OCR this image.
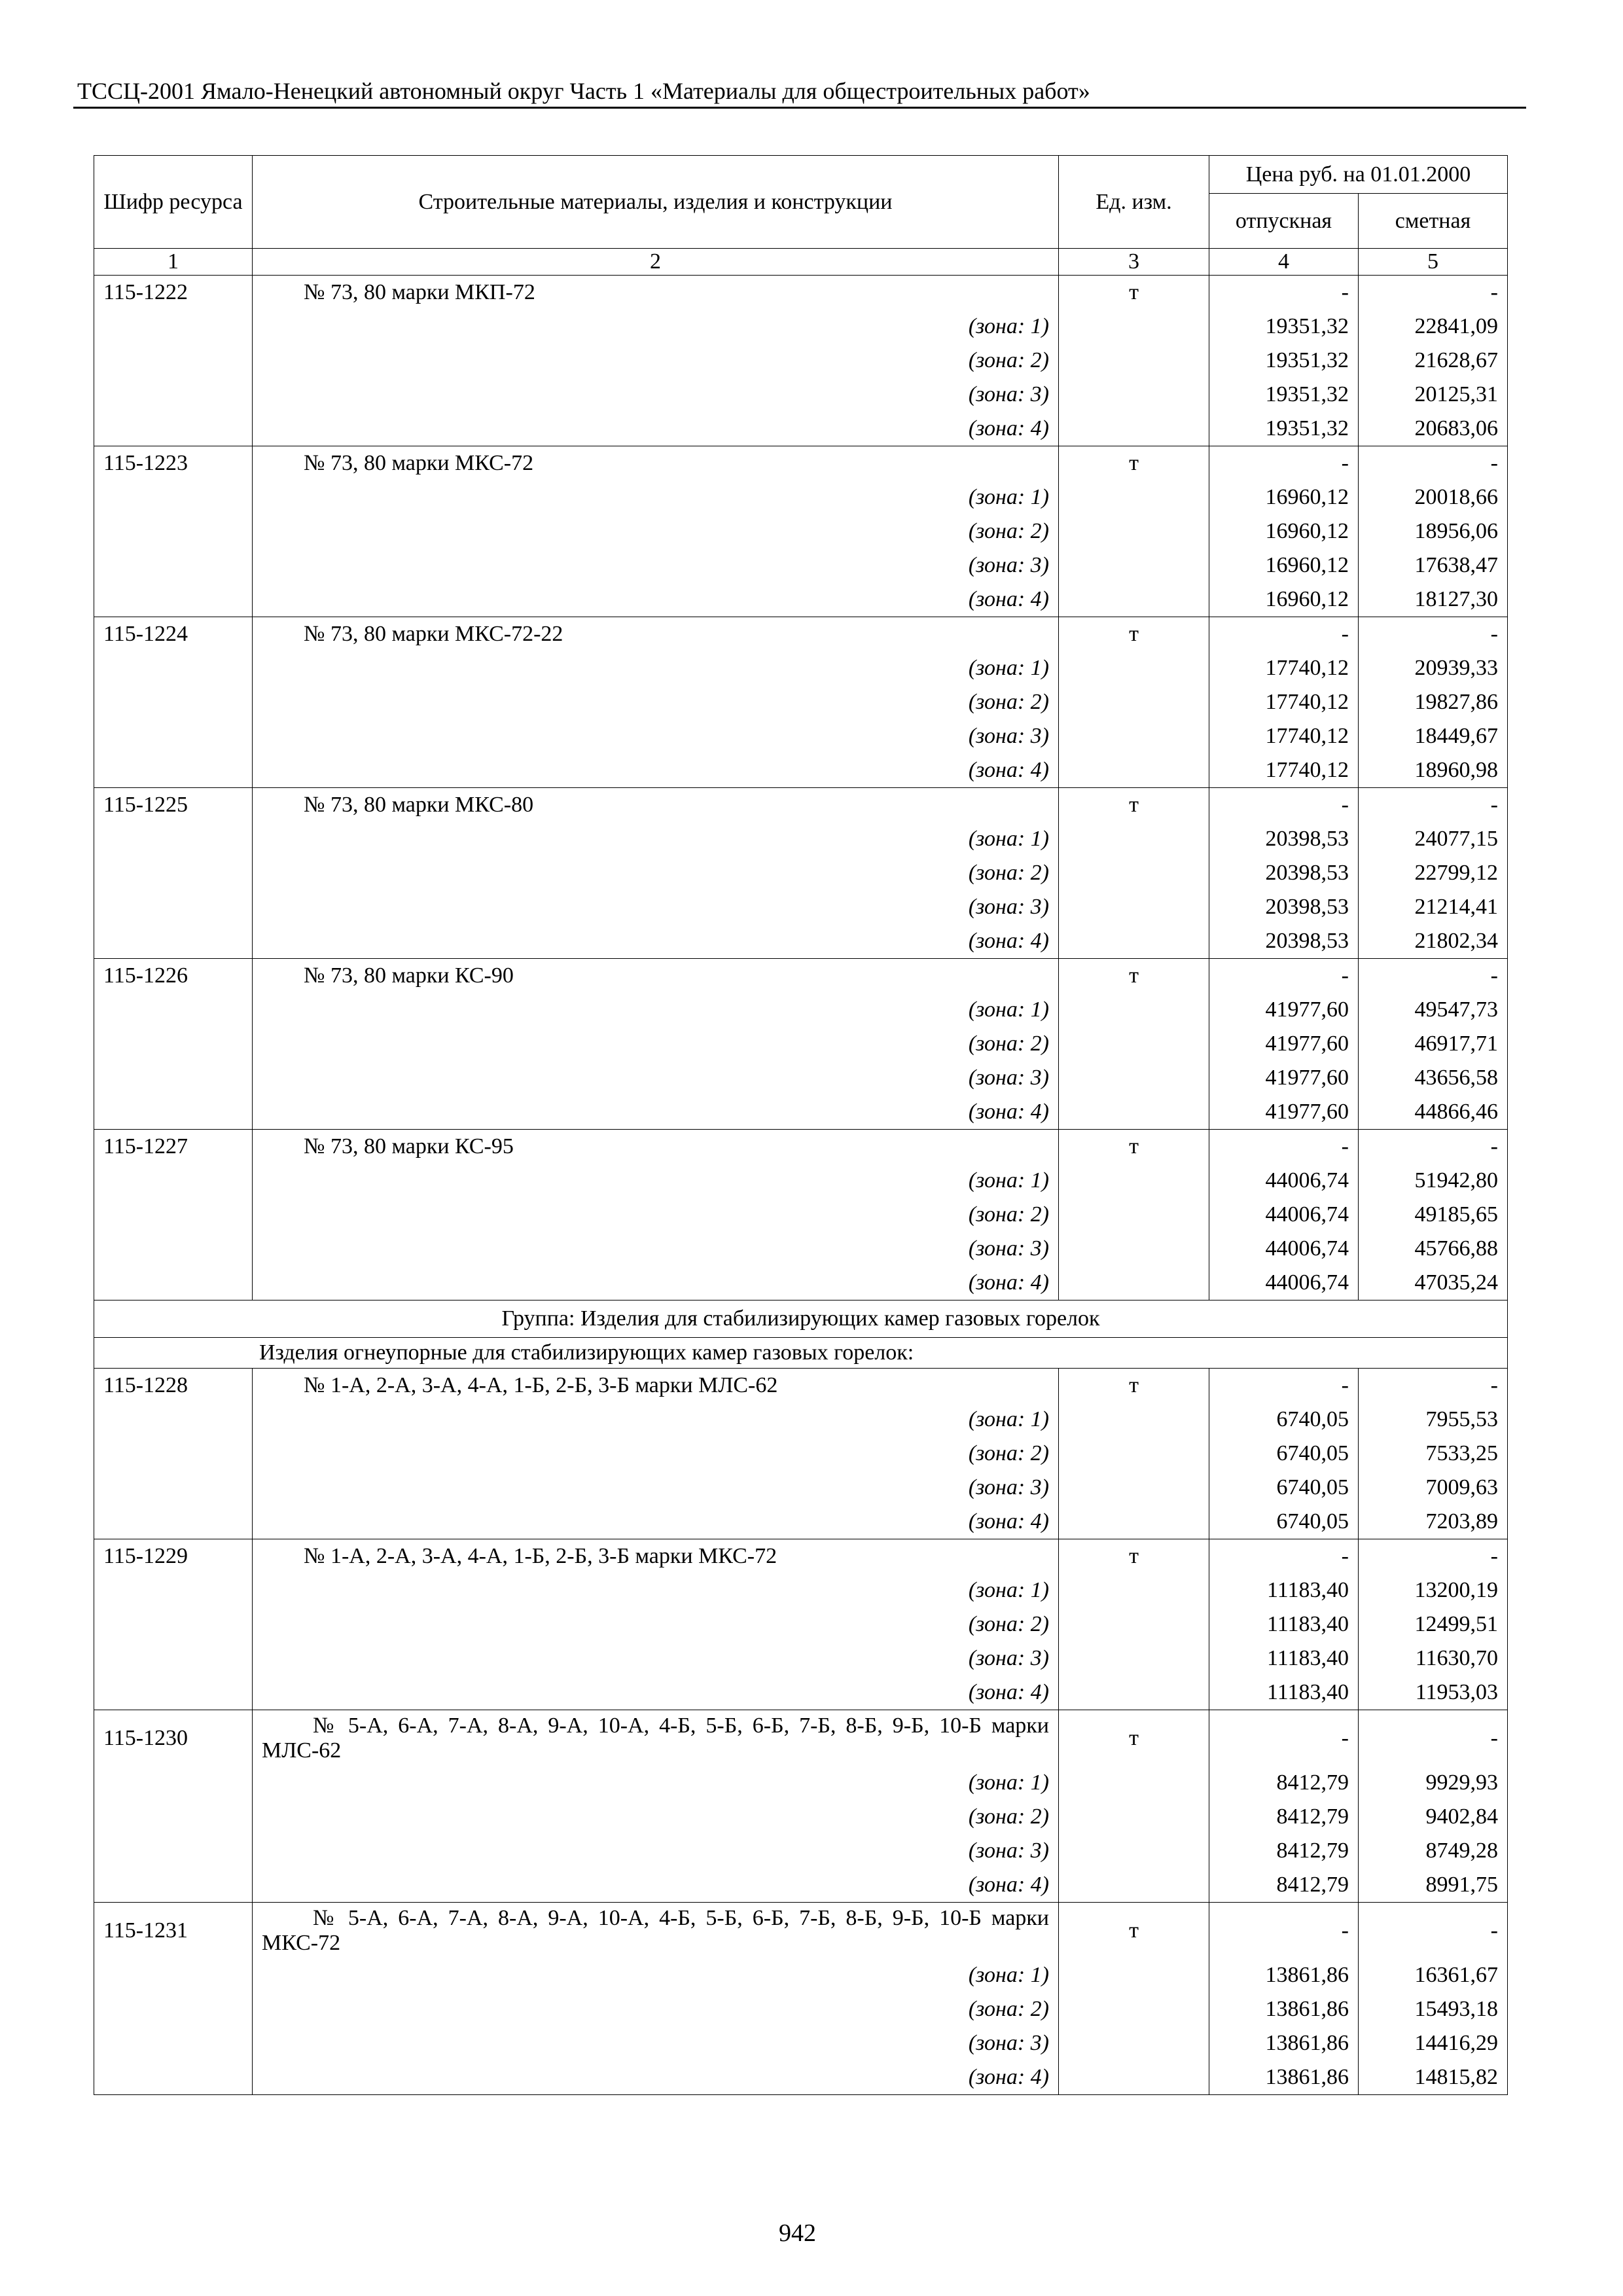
ТССЦ-2001 Ямало-Ненецкий автономный округ Часть 1 «Материалы для общестроительных работ»
Шифр ресурса	Строительные материалы, изделия и конструкции	Ед. изм.	Цена руб. на 01.01.2000	
			отпускная	сметная
1	2	3	4	5
115-1222	№ 73, 80 марки МКП-72	т	-	-
	(зона: 1)		19351,32	22841,09
	(зона: 2)		19351,32	21628,67
	(зона: 3)		19351,32	20125,31
	(зона: 4)		19351,32	20683,06
115-1223	№ 73, 80 марки МКС-72	т	-	-
	(зона: 1)		16960,12	20018,66
	(зона: 2)		16960,12	18956,06
	(зона: 3)		16960,12	17638,47
	(зона: 4)		16960,12	18127,30
115-1224	№ 73, 80 марки МКС-72-22	т	-	-
	(зона: 1)		17740,12	20939,33
	(зона: 2)		17740,12	19827,86
	(зона: 3)		17740,12	18449,67
	(зона: 4)		17740,12	18960,98
115-1225	№ 73, 80 марки МКС-80	т	-	-
	(зона: 1)		20398,53	24077,15
	(зона: 2)		20398,53	22799,12
	(зона: 3)		20398,53	21214,41
	(зона: 4)		20398,53	21802,34
115-1226	№ 73, 80 марки КС-90	т	-	-
	(зона: 1)		41977,60	49547,73
	(зона: 2)		41977,60	46917,71
	(зона: 3)		41977,60	43656,58
	(зона: 4)		41977,60	44866,46
115-1227	№ 73, 80 марки КС-95	т	-	-
	(зона: 1)		44006,74	51942,80
	(зона: 2)		44006,74	49185,65
	(зона: 3)		44006,74	45766,88
	(зона: 4)		44006,74	47035,24
Группа: Изделия для стабилизирующих камер газовых горелок				
Изделия огнеупорные для стабилизирующих камер газовых горелок:				
115-1228	№ 1-А, 2-А, 3-А, 4-А, 1-Б, 2-Б, 3-Б марки МЛС-62	т	-	-
	(зона: 1)		6740,05	7955,53
	(зона: 2)		6740,05	7533,25
	(зона: 3)		6740,05	7009,63
	(зона: 4)		6740,05	7203,89
115-1229	№ 1-А, 2-А, 3-А, 4-А, 1-Б, 2-Б, 3-Б марки МКС-72	т	-	-
	(зона: 1)		11183,40	13200,19
	(зона: 2)		11183,40	12499,51
	(зона: 3)		11183,40	11630,70
	(зона: 4)		11183,40	11953,03
115-1230	№ 5-А, 6-А, 7-А, 8-А, 9-А, 10-А, 4-Б, 5-Б, 6-Б, 7-Б, 8-Б, 9-Б, 10-Б марки МЛС-62	т	-	-
	(зона: 1)		8412,79	9929,93
	(зона: 2)		8412,79	9402,84
	(зона: 3)		8412,79	8749,28
	(зона: 4)		8412,79	8991,75
115-1231	№ 5-А, 6-А, 7-А, 8-А, 9-А, 10-А, 4-Б, 5-Б, 6-Б, 7-Б, 8-Б, 9-Б, 10-Б марки МКС-72	т	-	-
	(зона: 1)		13861,86	16361,67
	(зона: 2)		13861,86	15493,18
	(зона: 3)		13861,86	14416,29
	(зона: 4)		13861,86	14815,82
942
